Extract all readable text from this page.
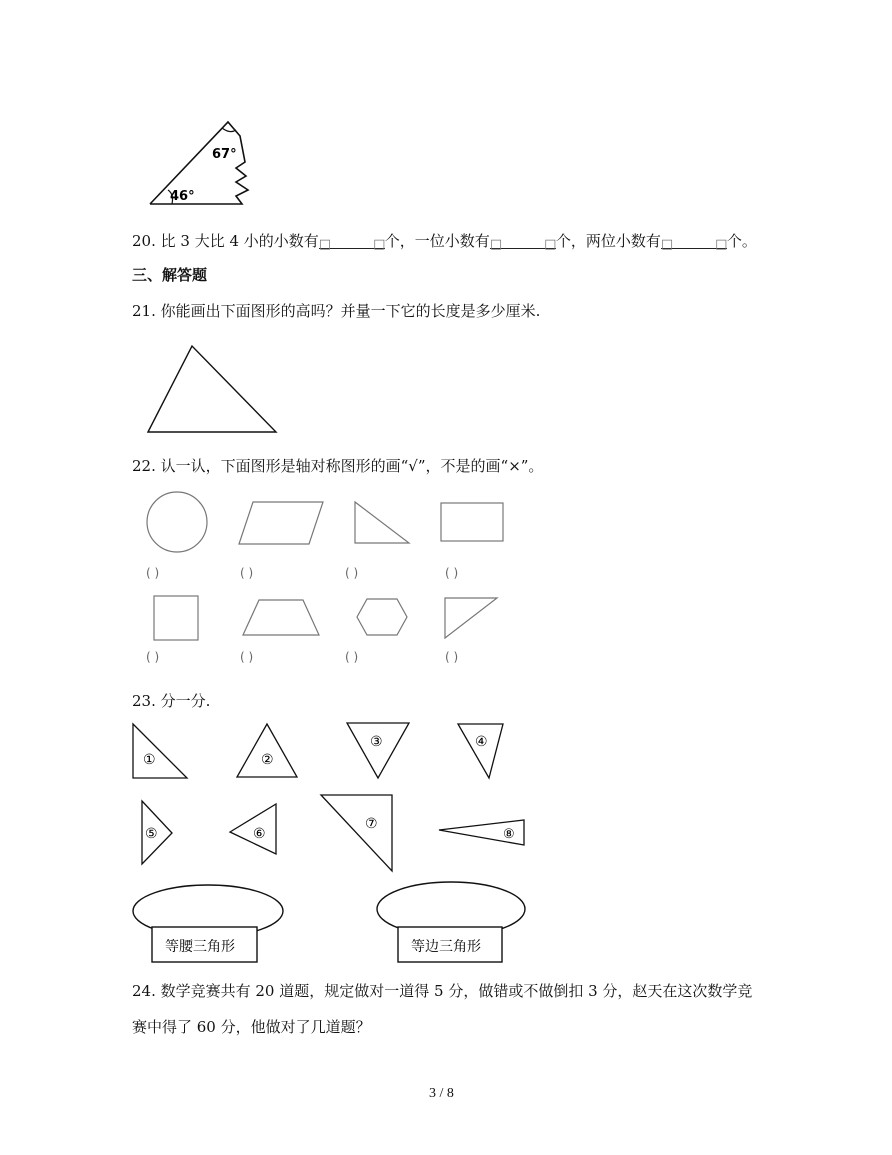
67°
46°
20. 比 3 大比 4 小的小数有□	□个，一位小数有□	□个，两位小数有□	□个。
三、解答题
21. 你能画出下面图形的高吗？并量一下它的长度是多少厘米.
22. 认一认，下面图形是轴对称图形的画“√”，不是的画“×”。
( )	( )	( )	( )
( )	( )	( )	( )
23. 分一分.
①	②
③	④
⑤	⑥
⑦
⑧
等腰三角形	等边三角形
24. 数学竞赛共有 20 道题，规定做对一道得 5 分，做错或不做倒扣 3 分，赵天在这次数学竞
赛中得了 60 分，他做对了几道题？
3 / 8
